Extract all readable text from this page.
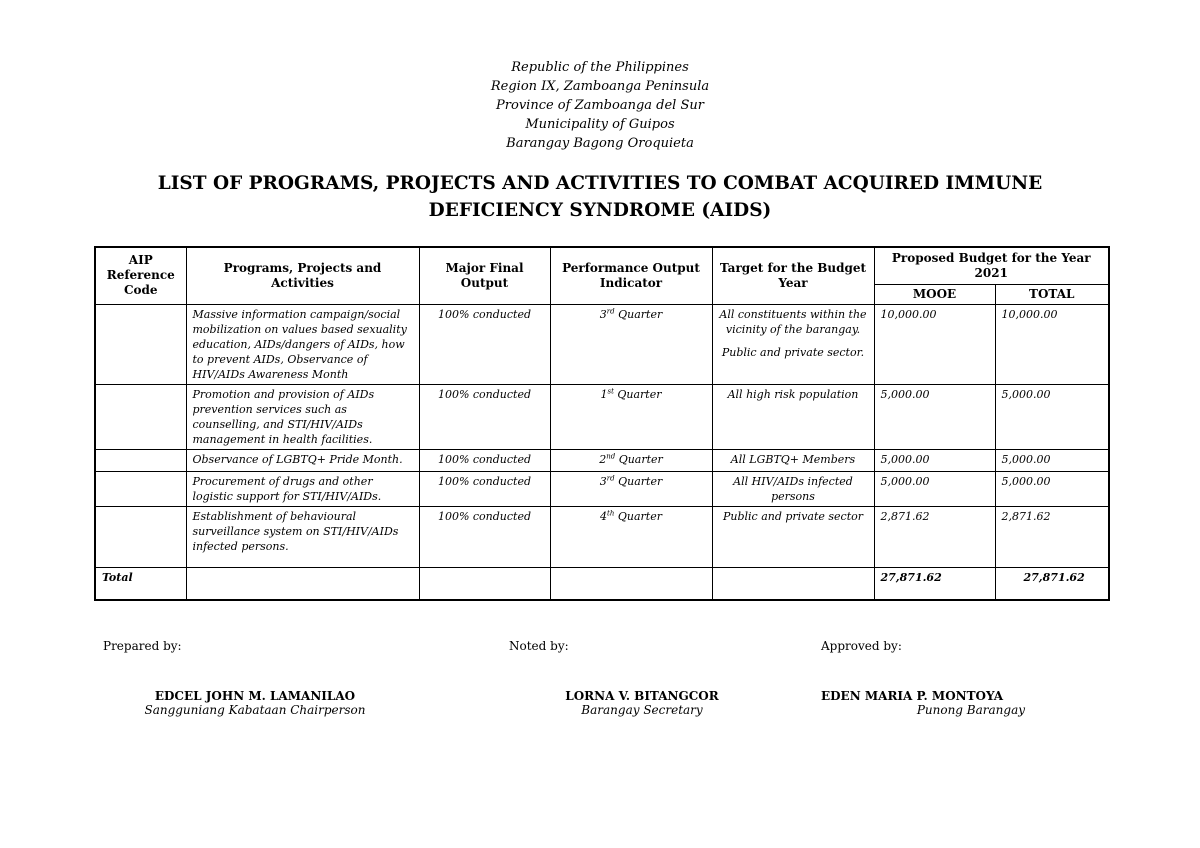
Republic of the Philippines
Region IX, Zamboanga Peninsula
Province of Zamboanga del Sur
Municipality of Guipos
Barangay Bagong Oroquieta
LIST OF PROGRAMS, PROJECTS AND ACTIVITIES TO COMBAT ACQUIRED IMMUNE
DEFICIENCY SYNDROME (AIDS)
AIP Reference Code	Programs, Projects and Activities	Major Final Output	Performance Output Indicator	Target for the Budget Year	Proposed Budget for the Year 2021	
					MOOE	TOTAL
	Massive information campaign/social mobilization on values based sexuality education, AIDs/dangers of AIDs, how to prevent AIDs, Observance of HIV/AIDs Awareness Month	100% conducted	3rd Quarter	All constituents within the vicinity of the barangay.
Public and private sector.	10,000.00	10,000.00
	Promotion and provision of AIDs prevention services such as counselling, and STI/HIV/AIDs management in health facilities.	100% conducted	1st Quarter	All high risk population	5,000.00	5,000.00
	Observance of LGBTQ+ Pride Month.	100% conducted	2nd Quarter	All LGBTQ+ Members	5,000.00	5,000.00
	Procurement of drugs and other logistic support for STI/HIV/AIDs.	100% conducted	3rd Quarter	All HIV/AIDs infected persons	5,000.00	5,000.00
	Establishment of behavioural surveillance system on STI/HIV/AIDs infected persons.	100% conducted	4th Quarter	Public and private sector	2,871.62	2,871.62
Total					27,871.62	27,871.62
Prepared by:	Noted by:	Approved by:
EDCEL JOHN M. LAMANILAO
Sangguniang Kabataan Chairperson
LORNA V. BITANGCOR
Barangay Secretary
EDEN MARIA P. MONTOYA
Punong Barangay
